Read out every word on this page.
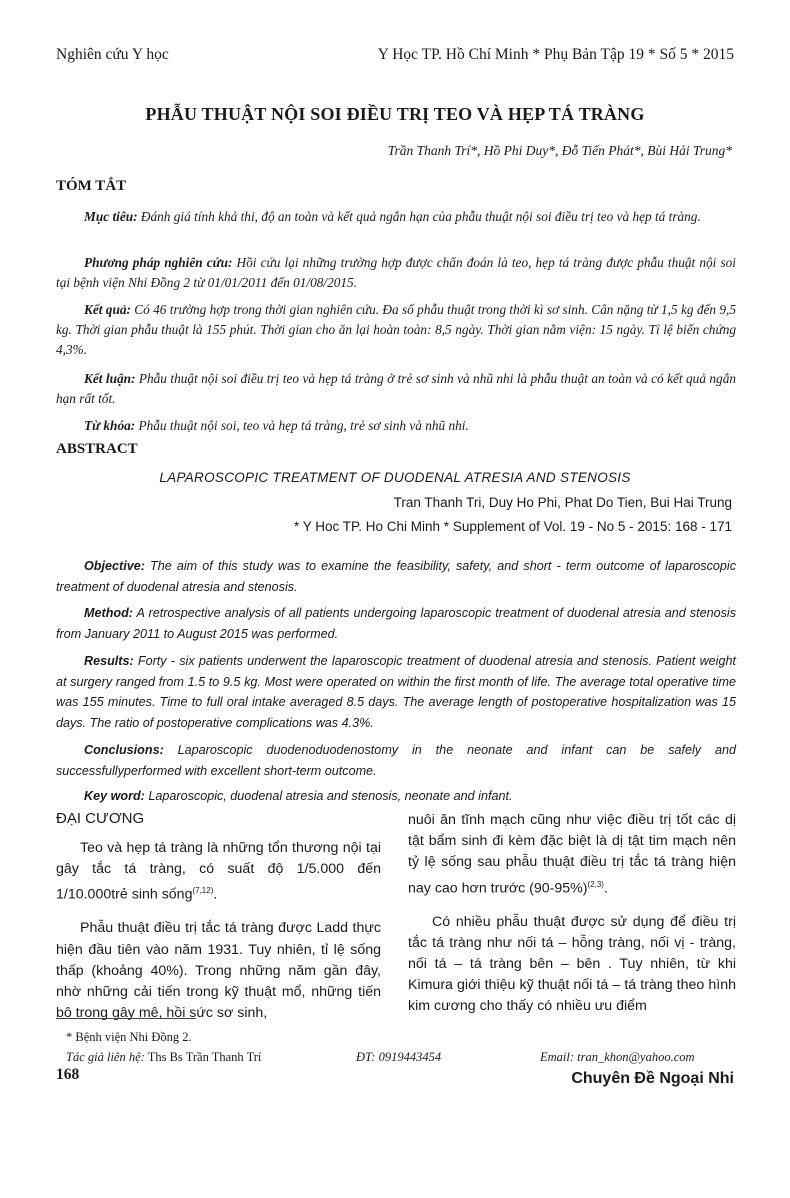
Nghiên cứu Y học	Y Học TP. Hồ Chí Minh * Phụ Bản Tập 19 * Số 5 * 2015
PHẪU THUẬT NỘI SOI ĐIỀU TRỊ TEO VÀ HẸP TÁ TRÀNG
Trần Thanh Trí*, Hồ Phi Duy*, Đỗ Tiến Phát*, Bùi Hải Trung*
TÓM TẮT
Mục tiêu: Đánh giá tính khả thi, độ an toàn và kết quả ngắn hạn của phẫu thuật nội soi điều trị teo và hẹp tá tràng.
Phương pháp nghiên cứu: Hồi cứu lại những trường hợp được chẩn đoán là teo, hẹp tá tràng được phẫu thuật nội soi tại bệnh viện Nhi Đồng 2 từ 01/01/2011 đến 01/08/2015.
Kết quả: Có 46 trường hợp trong thời gian nghiên cứu. Đa số phẫu thuật trong thời kì sơ sinh. Cân nặng từ 1,5 kg đến 9,5 kg. Thời gian phẫu thuật là 155 phút. Thời gian cho ăn lại hoàn toàn: 8,5 ngày. Thời gian nằm viện: 15 ngày. Tỉ lệ biến chứng 4,3%.
Kết luận: Phẫu thuật nội soi điều trị teo và hẹp tá tràng ở trẻ sơ sinh và nhũ nhi là phẫu thuật an toàn và có kết quả ngắn hạn rất tốt.
Từ khóa: Phẫu thuật nội soi, teo và hẹp tá tràng, trẻ sơ sinh và nhũ nhi.
ABSTRACT
LAPAROSCOPIC TREATMENT OF DUODENAL ATRESIA AND STENOSIS
Tran Thanh Tri, Duy Ho Phi, Phat Do Tien, Bui Hai Trung
* Y Hoc TP. Ho Chi Minh * Supplement of Vol. 19 - No 5 - 2015: 168 - 171
Objective: The aim of this study was to examine the feasibility, safety, and short - term outcome of laparoscopic treatment of duodenal atresia and stenosis.
Method: A retrospective analysis of all patients undergoing laparoscopic treatment of duodenal atresia and stenosis from January 2011 to August 2015 was performed.
Results: Forty - six patients underwent the laparoscopic treatment of duodenal atresia and stenosis. Patient weight at surgery ranged from 1.5 to 9.5 kg. Most were operated on within the first month of life. The average total operative time was 155 minutes. Time to full oral intake averaged 8.5 days. The average length of postoperative hospitalization was 15 days. The ratio of postoperative complications was 4.3%.
Conclusions: Laparoscopic duodenoduodenostomy in the neonate and infant can be safely and successfullyperformed with excellent short-term outcome.
Key word: Laparoscopic, duodenal atresia and stenosis, neonate and infant.
ĐẠI CƯƠNG

Teo và hẹp tá tràng là những tổn thương nội tại gây tắc tá tràng, có suất độ 1/5.000 đến 1/10.000trẻ sinh sống$^{(7,12)}$.

Phẫu thuật điều trị tắc tá tràng được Ladd thực hiện đầu tiên vào năm 1931. Tuy nhiên, tỉ lệ sống thấp (khoảng 40%). Trong những năm gần đây, nhờ những cải tiến trong kỹ thuật mổ, những tiến bộ trong gây mê, hồi sức sơ sinh,

nuôi ăn tĩnh mạch cũng như việc điều trị tốt các dị tật bẩm sinh đi kèm đặc biệt là dị tật tim mạch nên tỷ lệ sống sau phẫu thuật điều trị tắc tá tràng hiện nay cao hơn trước $(90-95\%)^{(2,3)}$.

Có nhiều phẫu thuật được sử dụng để điều trị tắc tá tràng như nối tá – hỗng tràng, nối vị - tràng, nối tá – tá tràng bên – bên . Tuy nhiên, từ khi Kimura giới thiệu kỹ thuật nối tá – tá tràng theo hình kim cương cho thấy có nhiều ưu điểm

* Bệnh viện Nhi Đồng 2.
Tác giả liên hệ: Ths Bs Trần Thanh Trí	ĐT: 0919443454	Email: tran_khon@yahoo.com
168	Chuyên Đề Ngoại Nhi
